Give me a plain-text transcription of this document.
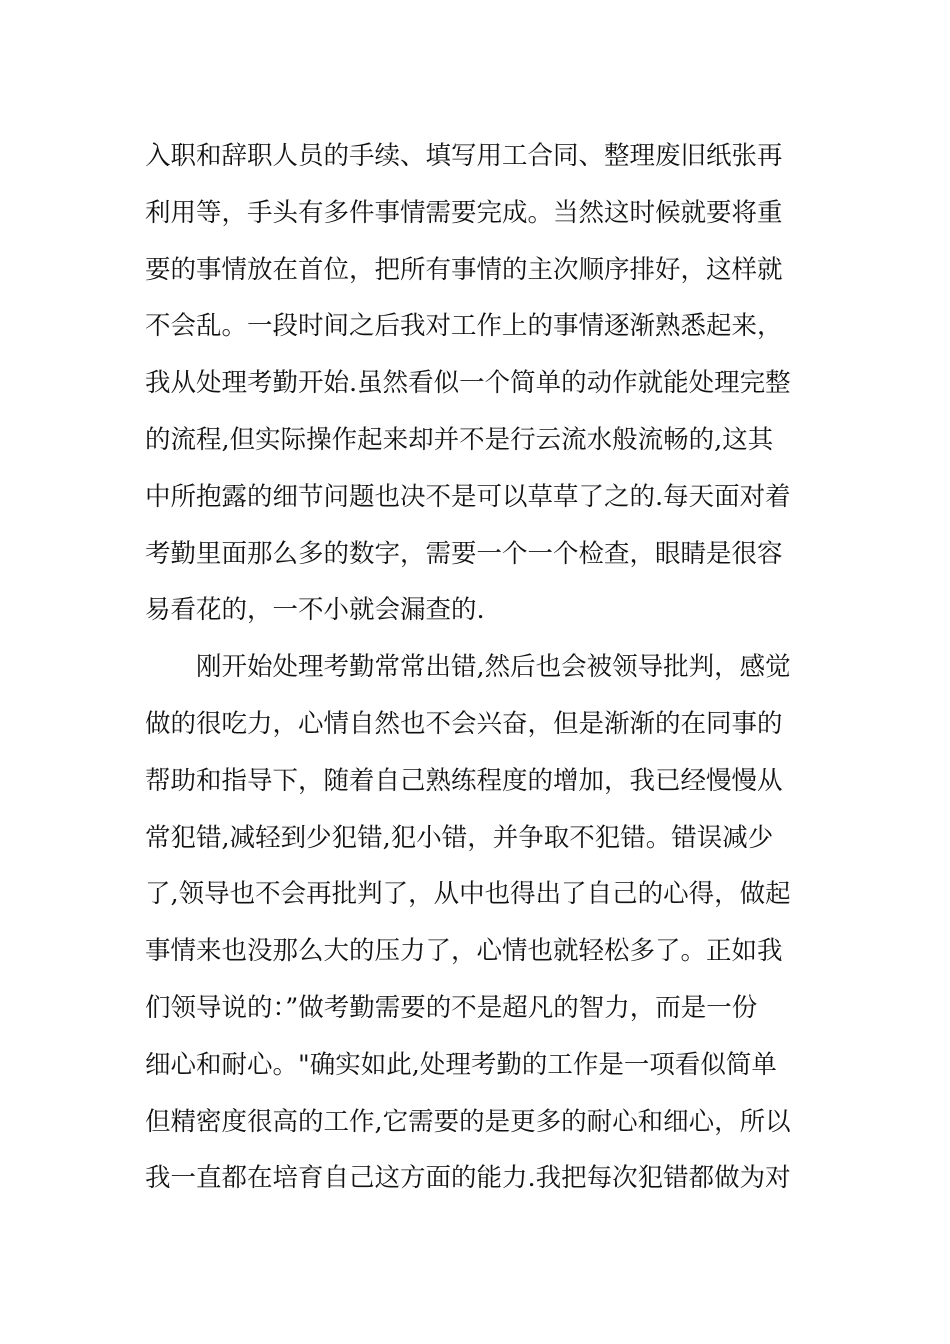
入职和辞职人员的手续、填写用工合同、整理废旧纸张再
利用等，手头有多件事情需要完成。当然这时候就要将重
要的事情放在首位，把所有事情的主次顺序排好，这样就
不会乱。一段时间之后我对工作上的事情逐渐熟悉起来，
我从处理考勤开始.虽然看似一个简单的动作就能处理完整
的流程,但实际操作起来却并不是行云流水般流畅的,这其
中所抱露的细节问题也决不是可以草草了之的.每天面对着
考勤里面那么多的数字，需要一个一个检查，眼睛是很容
易看花的，一不小就会漏查的.
刚开始处理考勤常常出错,然后也会被领导批判，感觉
做的很吃力，心情自然也不会兴奋，但是渐渐的在同事的
帮助和指导下，随着自己熟练程度的增加，我已经慢慢从
常犯错,减轻到少犯错,犯小错，并争取不犯错。错误减少
了,领导也不会再批判了，从中也得出了自己的心得，做起
事情来也没那么大的压力了，心情也就轻松多了。正如我
们领导说的：”做考勤需要的不是超凡的智力，而是一份
细心和耐心。"确实如此,处理考勤的工作是一项看似简单
但精密度很高的工作,它需要的是更多的耐心和细心，所以
我一直都在培育自己这方面的能力.我把每次犯错都做为对
